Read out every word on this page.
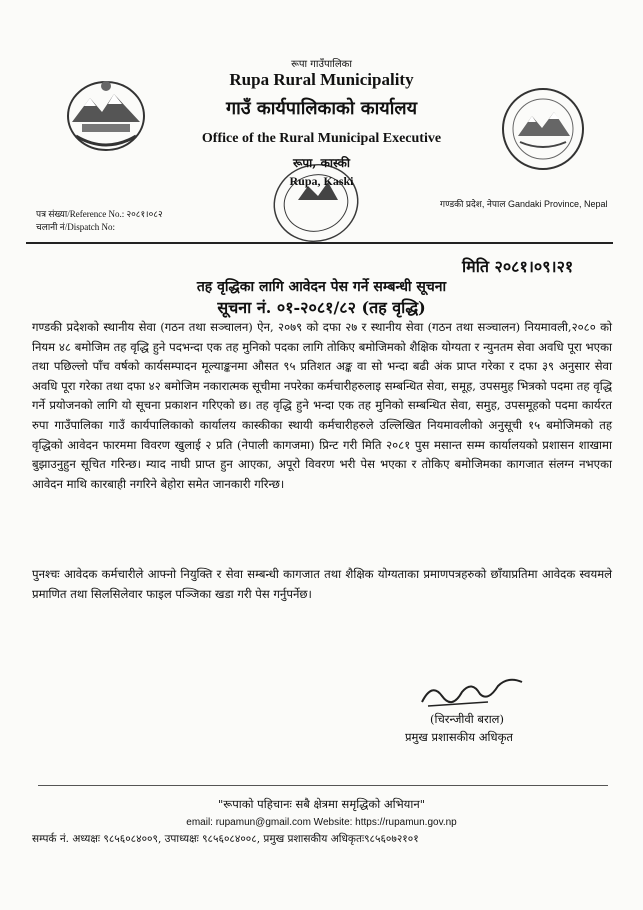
रूपा गाउँपालिका
Rupa Rural Municipality
गाउँ कार्यपालिकाको कार्यालय
Office of the Rural Municipal Executive
रूपा, कास्की
Rupa, Kaski
पत्र संख्या/Reference No.: २०८१।०८२
चलानी नं/Dispatch No:
गण्डकी प्रदेश, नेपाल Gandaki Province, Nepal
मिति २०८१।०९।२१
तह वृद्धिका लागि आवेदन पेस गर्ने सम्बन्धी सूचना
सूचना नं. ०१-२०८१/८२ (तह वृद्धि)
गण्डकी प्रदेशको स्थानीय सेवा (गठन तथा सञ्चालन) ऐन, २०७९ को दफा २७ र स्थानीय सेवा (गठन तथा सञ्चालन) नियमावली,२०८० को नियम ४८ बमोजिम तह वृद्धि हुने पदभन्दा एक तह मुनिको पदका लागि तोकिए बमोजिमको शैक्षिक योग्यता र न्युनतम सेवा अवधि पूरा भएका तथा पछिल्लो पाँच वर्षको कार्यसम्पादन मूल्याङ्कनमा औसत ९५ प्रतिशत अङ्क वा सो भन्दा बढी अंक प्राप्त गरेका र दफा ३९ अनुसार सेवा अवधि पूरा गरेका तथा दफा ४२ बमोजिम नकारात्मक सूचीमा नपरेका कर्मचारीहरुलाइ सम्बन्धित सेवा, समूह, उपसमुह भित्रको पदमा तह वृद्धि गर्ने प्रयोजनको लागि यो सूचना प्रकाशन गरिएको छ। तह वृद्धि हुने भन्दा एक तह मुनिको सम्बन्धित सेवा, समुह, उपसमूहको पदमा कार्यरत रुपा गाउँपालिका गाउँ कार्यपालिकाको कार्यालय कास्कीका स्थायी कर्मचारीहरुले उल्लिखित नियमावलीको अनुसूची १५ बमोजिमको तह वृद्धिको आवेदन फारममा विवरण खुलाई २ प्रति (नेपाली कागजमा) प्रिन्ट गरी मिति २०८१ पुस मसान्त सम्म कार्यालयको प्रशासन शाखामा बुझाउनुहुन सूचित गरिन्छ। म्याद नाघी प्राप्त हुन आएका, अपूरो विवरण भरी पेस भएका र तोकिए बमोजिमका कागजात संलग्न नभएका आवेदन माथि कारबाही नगरिने बेहोरा समेत जानकारी गरिन्छ।
पुनश्चः आवेदक कर्मचारीले आफ्नो नियुक्ति र सेवा सम्बन्धी कागजात तथा शैक्षिक योग्यताका प्रमाणपत्रहरुको छाँयाप्रतिमा आवेदक स्वयमले प्रमाणित तथा सिलसिलेवार फाइल पञ्जिका खडा गरी पेस गर्नुपर्नेछ।
(चिरन्जीवी बराल)
प्रमुख प्रशासकीय अधिकृत
"रूपाको पहिचानः सबै क्षेत्रमा समृद्धिको अभियान"
email: rupamun@gmail.com Website: https://rupamun.gov.np
सम्पर्क नं. अध्यक्षः ९८५६०८४००९, उपाध्यक्षः ९८५६०८४००८, प्रमुख प्रशासकीय अधिकृतः९८५६०७२१०१
